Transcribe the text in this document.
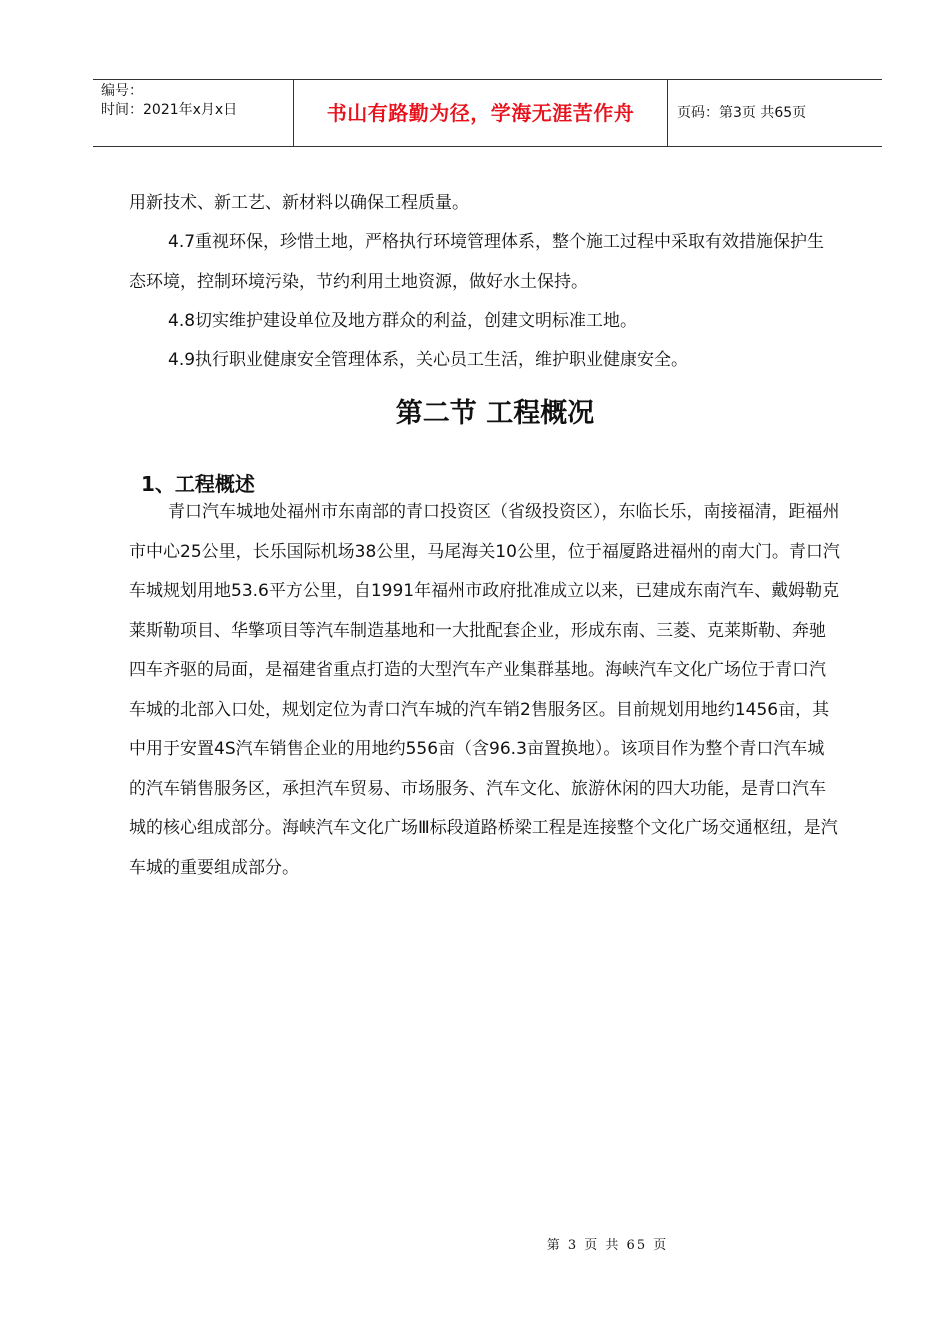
编号：
时间：2021年x月x日	书山有路勤为径，学海无涯苦作舟	页码：第3页 共65页

用新技术、新工艺、新材料以确保工程质量。

4.7重视环保，珍惜土地，严格执行环境管理体系，整个施工过程中采取有效措施保护生态环境，控制环境污染，节约利用土地资源，做好水土保持。

4.8切实维护建设单位及地方群众的利益，创建文明标准工地。

4.9执行职业健康安全管理体系，关心员工生活，维护职业健康安全。

第二节 工程概况
1、工程概述

青口汽车城地处福州市东南部的青口投资区（省级投资区），东临长乐，南接福清，距福州市中心25公里，长乐国际机场38公里，马尾海关10公里，位于福厦路进福州的南大门。青口汽车城规划用地53.6平方公里，自1991年福州市政府批准成立以来，已建成东南汽车、戴姆勒克莱斯勒项目、华擎项目等汽车制造基地和一大批配套企业，形成东南、三菱、克莱斯勒、奔驰四车齐驱的局面，是福建省重点打造的大型汽车产业集群基地。海峡汽车文化广场位于青口汽车城的北部入口处，规划定位为青口汽车城的汽车销2售服务区。目前规划用地约1456亩，其中用于安置4S汽车销售企业的用地约556亩（含96.3亩置换地）。该项目作为整个青口汽车城的汽车销售服务区，承担汽车贸易、市场服务、汽车文化、旅游休闲的四大功能，是青口汽车城的核心组成部分。海峡汽车文化广场Ⅲ标段道路桥梁工程是连接整个文化广场交通枢纽，是汽车城的重要组成部分。

第 3 页 共 65 页
